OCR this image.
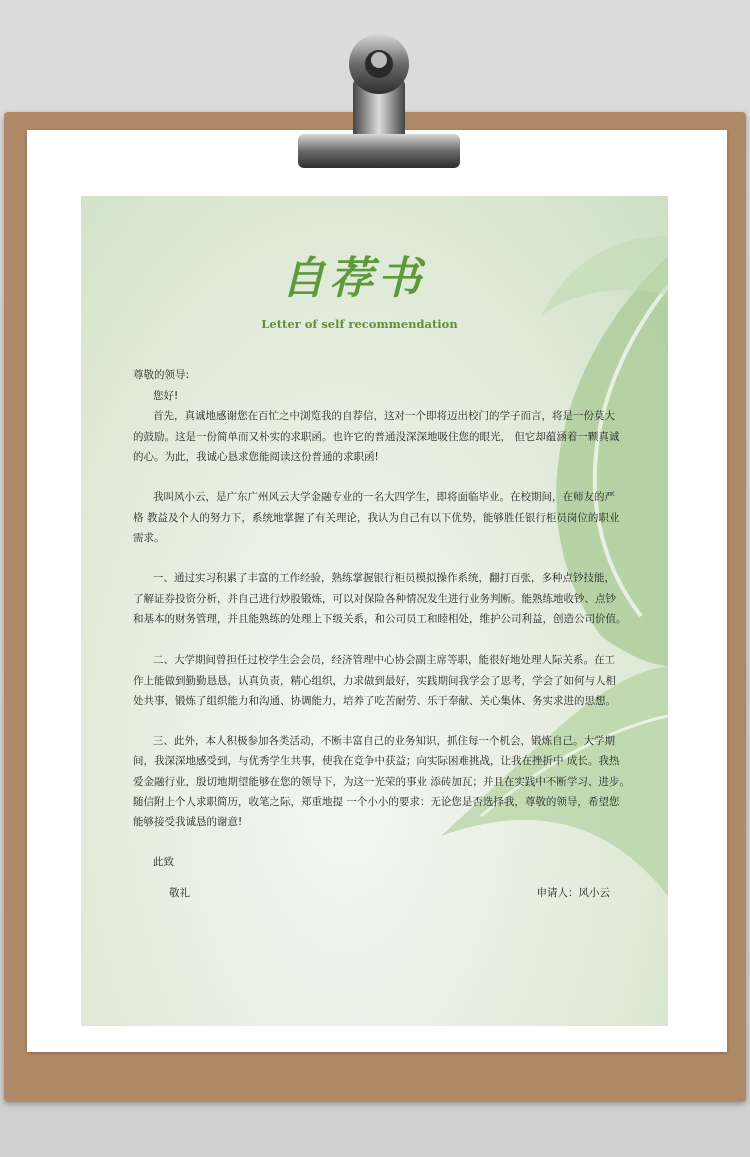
自荐书
Letter of self recommendation
尊敬的领导:
您好!
首先，真诚地感谢您在百忙之中浏览我的自荐信，这对一个即将迈出校门的学子而言，将是一份莫大
的鼓励。这是一份简单而又朴实的求职函。也许它的普通没深深地吸住您的眼光， 但它却蕴涵着一颗真诚
的心。为此，我诚心恳求您能阅读这份普通的求职函!
我叫风小云，是广东广州风云大学金融专业的一名大四学生，即将面临毕业。在校期间，在师友的严
格 教益及个人的努力下，系统地掌握了有关理论，我认为自己有以下优势，能够胜任银行柜员岗位的职业
需求。
一、通过实习积累了丰富的工作经验，熟练掌握银行柜员模拟操作系统，翻打百张，多种点钞技能，
了解证券投资分析，并自己进行炒股锻炼，可以对保险各种情况发生进行业务判断。能熟练地收钞、点钞
和基本的财务管理，并且能熟练的处理上下级关系，和公司员工和睦相处，维护公司利益，创造公司价值。
二、大学期间曾担任过校学生会会员，经济管理中心协会副主席等职，能很好地处理人际关系。在工
作上能做到勤勤恳恳，认真负责，精心组织，力求做到最好，实践期间我学会了思考，学会了如何与人相
处共事，锻炼了组织能力和沟通、协调能力，培养了吃苦耐劳、乐于奉献、关心集体、务实求进的思想。
三、此外，本人积极参加各类活动，不断丰富自己的业务知识，抓住每一个机会，锻炼自己。大学期
间，我深深地感受到，与优秀学生共事，使我在竞争中获益；向实际困难挑战，让我在挫折中 成长。我热
爱金融行业，殷切地期望能够在您的领导下，为这一光荣的事业 添砖加瓦；并且在实践中不断学习、进步。
随信附上个人求职简历，收笔之际，郑重地提 一个小小的要求：无论您是否选择我，尊敬的领导，希望您
能够接受我诚恳的谢意!
此致
敬礼	申请人：风小云
